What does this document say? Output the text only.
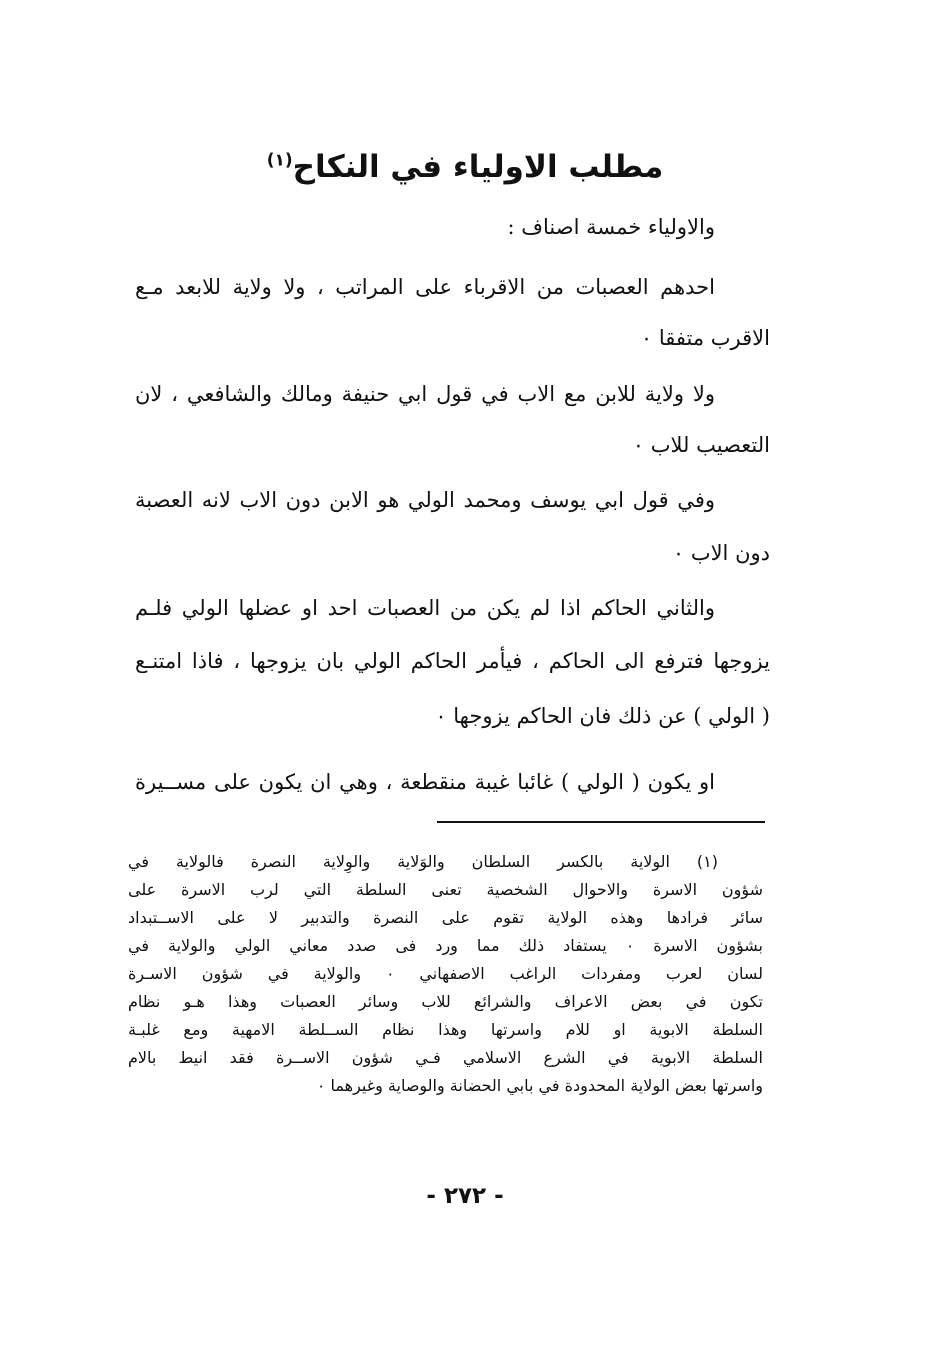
مطلب الاولياء في النكاح$^{(١)}$
والاولياء خمسة اصناف :
احدهم العصبات من الاقرباء على المراتب ، ولا ولاية للابعد مـع
الاقرب متفقا ٠
ولا ولاية للابن مع الاب في قول ابي حنيفة ومالك والشافعي ، لان
التعصيب للاب ٠
وفي قول ابي يوسف ومحمد الولي هو الابن دون الاب لانه العصبة
دون الاب ٠
والثاني الحاكم اذا لم يكن من العصبات احد او عضلها الولي فلـم
يزوجها فترفع الى الحاكم ، فيأمر الحاكم الولي بان يزوجها ، فاذا امتنـع
( الولي ) عن ذلك فان الحاكم يزوجها ٠
او يكون ( الولي ) غائبا غيبة منقطعة ، وهي ان يكون على مســيرة
(١) الولاية بالكسر السلطان والوَلاية والوِلاية النصرة فالولاية في
شؤون الاسرة والاحوال الشخصية تعنى السلطة التي لرب الاسرة على
سائر فرادها وهذه الولاية تقوم على النصرة والتدبير لا على الاســتبداد
بشؤون الاسرة ٠ يستفاد ذلك مما ورد فى صدد معاني الولي والولاية في
لسان لعرب ومفردات الراغب الاصفهاني ٠ والولاية في شؤون الاسـرة
تكون في بعض الاعراف والشرائع للاب وسائر العصبات وهذا هـو نظام
السلطة الابوية او للام واسرتها وهذا نظام الســلطة الامهية ومع غلبـة
السلطة الابوية في الشرع الاسلامي فـي شؤون الاســرة فقد انيط بالام
واسرتها بعض الولاية المحدودة في بابي الحضانة والوصاية وغيرهما ٠
- ٢٧٢ -
